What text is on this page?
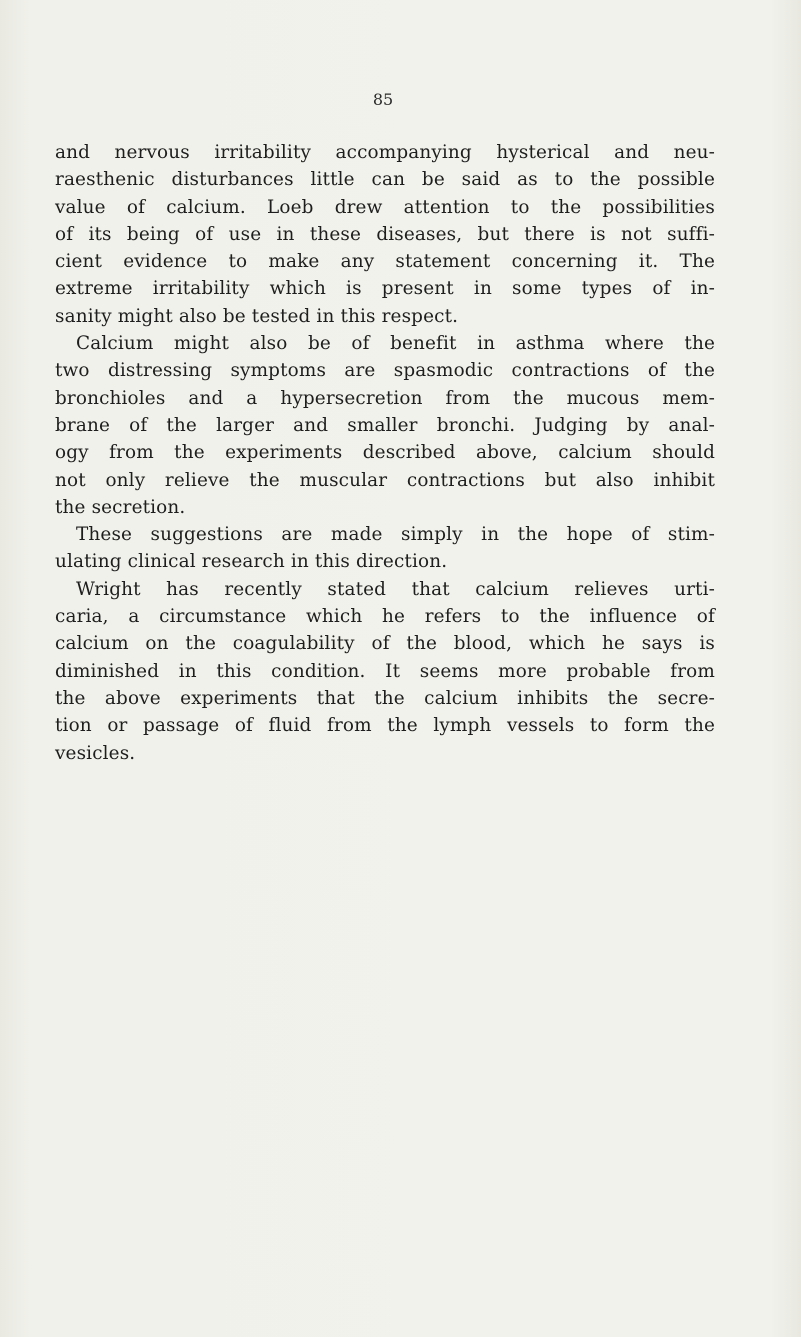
85

and nervous irritability accompanying hysterical and neu-
raesthenic disturbances little can be said as to the possible
value of calcium. Loeb drew attention to the possibilities
of its being of use in these diseases, but there is not suffi-
cient evidence to make any statement concerning it. The
extreme irritability which is present in some types of in-
sanity might also be tested in this respect.
Calcium might also be of benefit in asthma where the
two distressing symptoms are spasmodic contractions of the
bronchioles and a hypersecretion from the mucous mem-
brane of the larger and smaller bronchi. Judging by anal-
ogy from the experiments described above, calcium should
not only relieve the muscular contractions but also inhibit
the secretion.
These suggestions are made simply in the hope of stim-
ulating clinical research in this direction.
Wright has recently stated that calcium relieves urti-
caria, a circumstance which he refers to the influence of
calcium on the coagulability of the blood, which he says is
diminished in this condition. It seems more probable from
the above experiments that the calcium inhibits the secre-
tion or passage of fluid from the lymph vessels to form the
vesicles.
